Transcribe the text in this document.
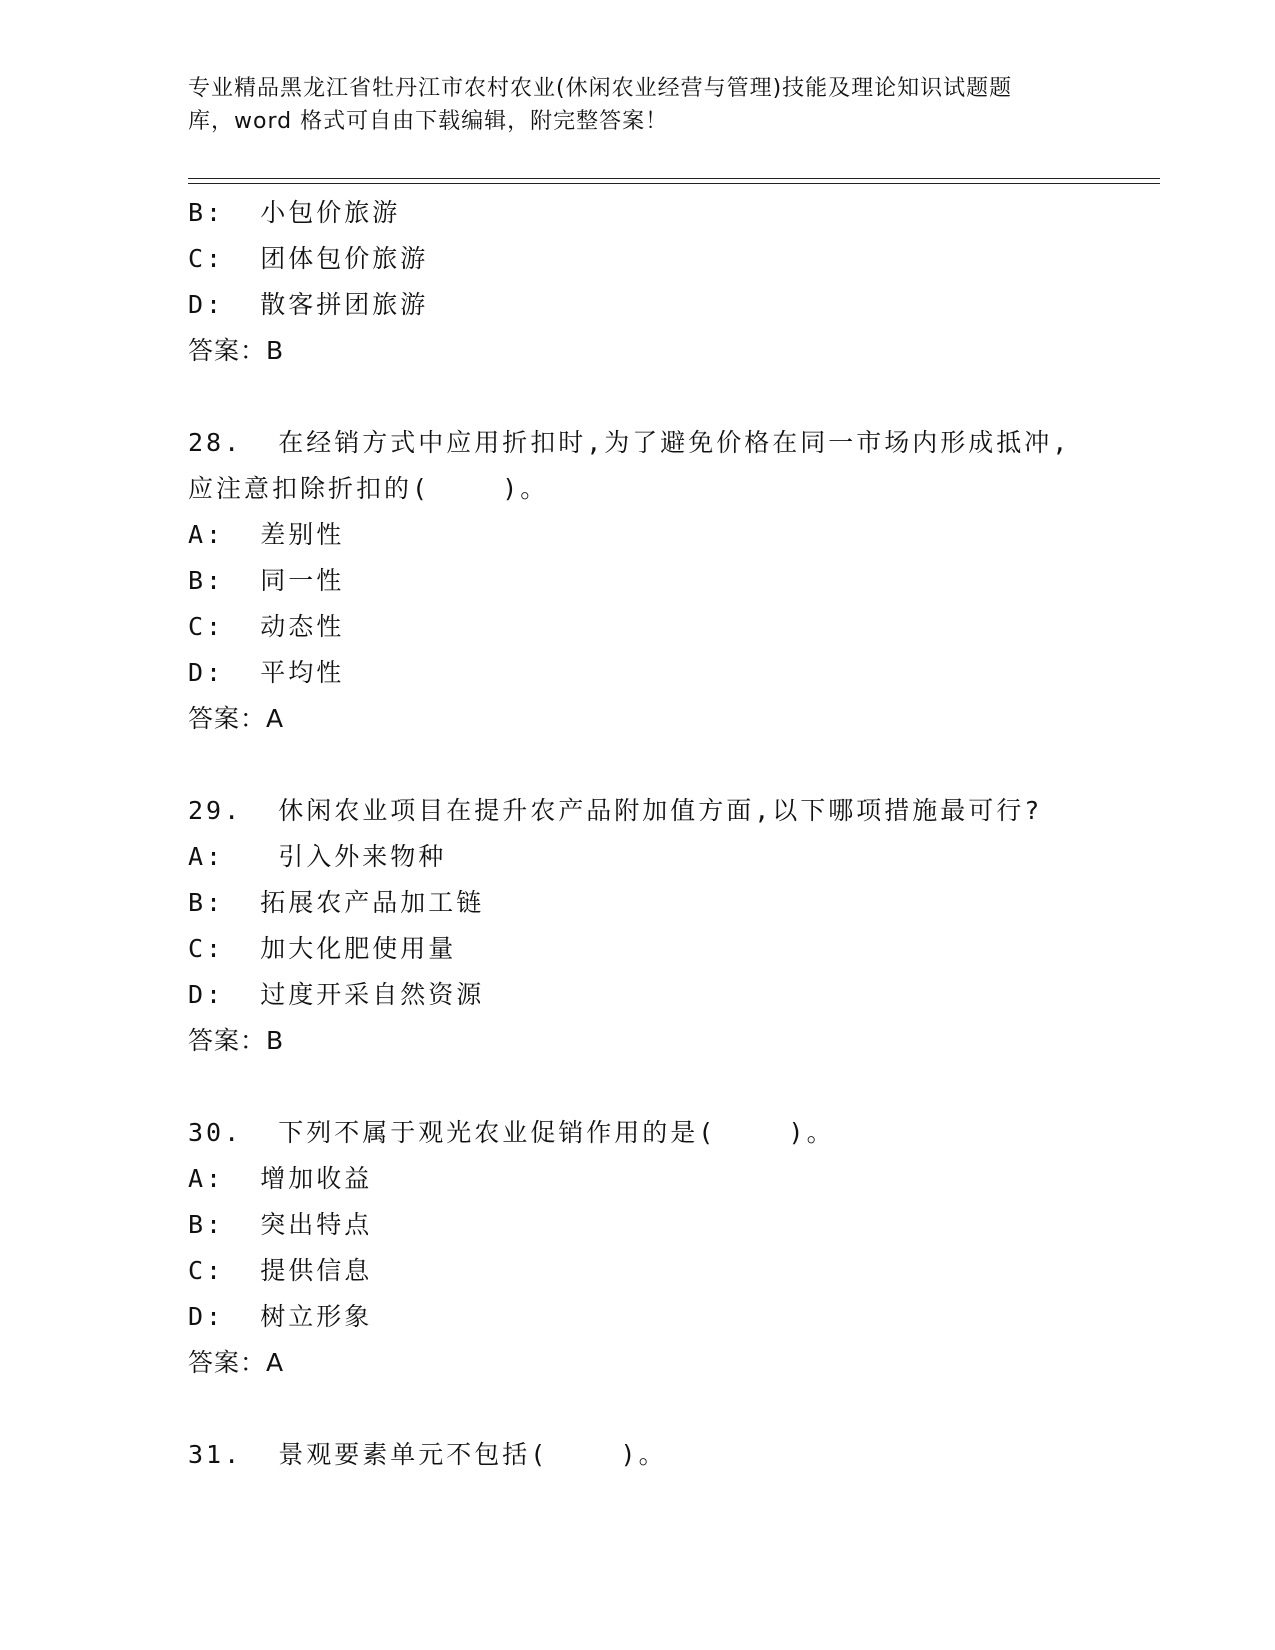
专业精品黑龙江省牡丹江市农村农业(休闲农业经营与管理)技能及理论知识试题题
库，word 格式可自由下载编辑，附完整答案！
B:  小包价旅游
C:  团体包价旅游
D:  散客拼团旅游
答案：B
28.  在经销方式中应用折扣时,为了避免价格在同一市场内形成抵冲,
应注意扣除折扣的(    )。
A:  差别性
B:  同一性
C:  动态性
D:  平均性
答案：A
29.  休闲农业项目在提升农产品附加值方面,以下哪项措施最可行?
A:   引入外来物种
B:  拓展农产品加工链
C:  加大化肥使用量
D:  过度开采自然资源
答案：B
30.  下列不属于观光农业促销作用的是(    )。
A:  增加收益
B:  突出特点
C:  提供信息
D:  树立形象
答案：A
31.  景观要素单元不包括(    )。
